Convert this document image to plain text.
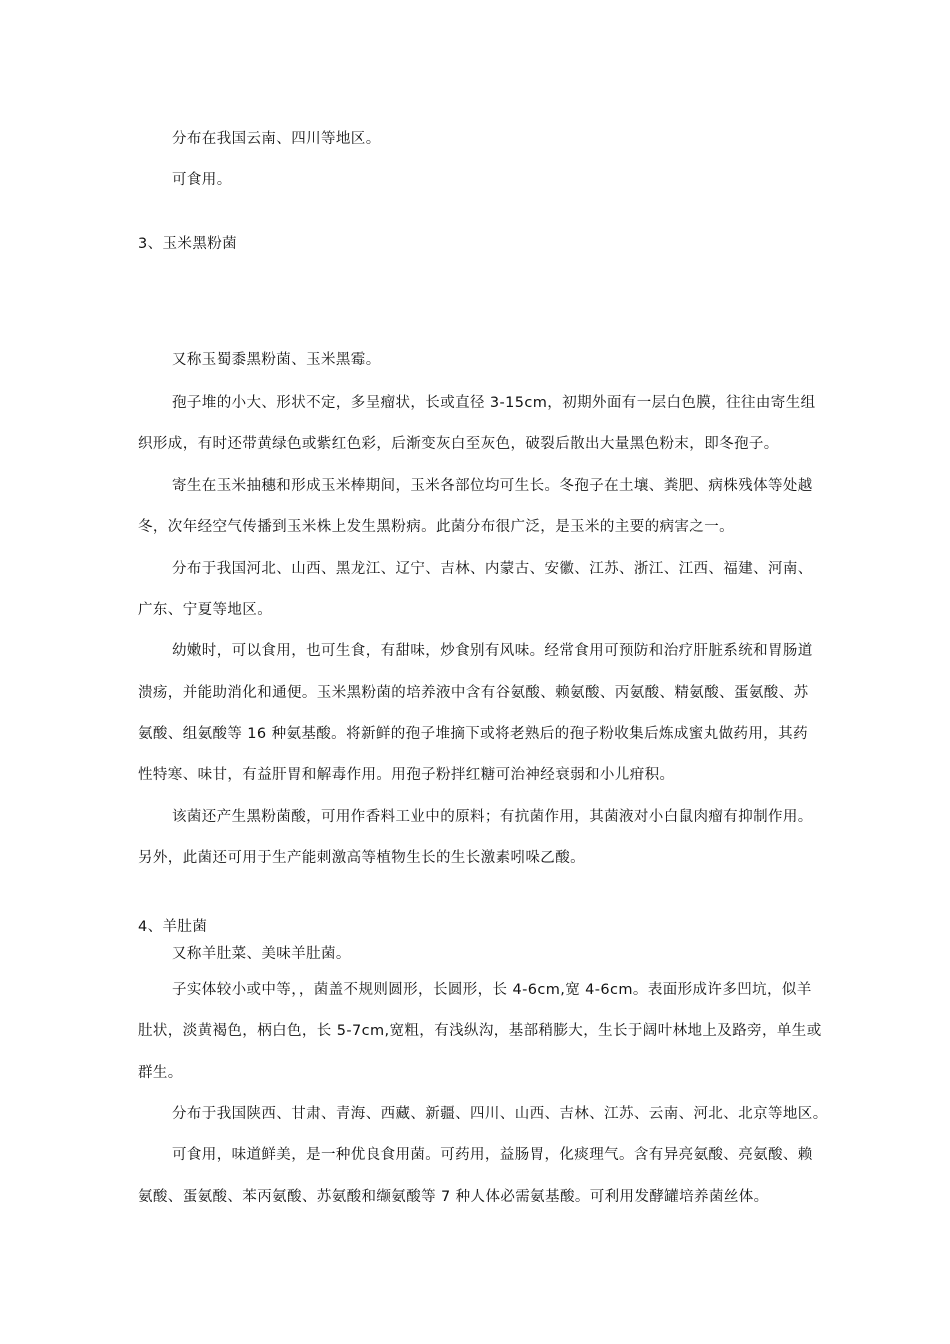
分布在我国云南、四川等地区。
可食用。
3、玉米黑粉菌
又称玉蜀黍黑粉菌、玉米黑霉。
孢子堆的小大、形状不定，多呈瘤状，长或直径 3-15cm，初期外面有一层白色膜，往往由寄生组
织形成，有时还带黄绿色或紫红色彩，后渐变灰白至灰色，破裂后散出大量黑色粉末，即冬孢子。
寄生在玉米抽穗和形成玉米棒期间，玉米各部位均可生长。冬孢子在土壤、粪肥、病株残体等处越
冬，次年经空气传播到玉米株上发生黑粉病。此菌分布很广泛，是玉米的主要的病害之一。
分布于我国河北、山西、黑龙江、辽宁、吉林、内蒙古、安徽、江苏、浙江、江西、福建、河南、
广东、宁夏等地区。
幼嫩时，可以食用，也可生食，有甜味，炒食别有风味。经常食用可预防和治疗肝脏系统和胃肠道
溃疡，并能助消化和通便。玉米黑粉菌的培养液中含有谷氨酸、赖氨酸、丙氨酸、精氨酸、蛋氨酸、苏
氨酸、组氨酸等 16 种氨基酸。将新鲜的孢子堆摘下或将老熟后的孢子粉收集后炼成蜜丸做药用，其药
性特寒、味甘，有益肝胃和解毒作用。用孢子粉拌红糖可治神经衰弱和小儿疳积。
该菌还产生黑粉菌酸，可用作香料工业中的原料；有抗菌作用，其菌液对小白鼠肉瘤有抑制作用。
另外，此菌还可用于生产能刺激高等植物生长的生长激素吲哚乙酸。
4、羊肚菌
又称羊肚菜、美味羊肚菌。
子实体较小或中等，，菌盖不规则圆形，长圆形，长 4-6cm,宽 4-6cm。表面形成许多凹坑，似羊
肚状，淡黄褐色，柄白色，长 5-7cm,宽粗，有浅纵沟，基部稍膨大，生长于阔叶林地上及路旁，单生或
群生。
分布于我国陕西、甘肃、青海、西藏、新疆、四川、山西、吉林、江苏、云南、河北、北京等地区。
可食用，味道鲜美，是一种优良食用菌。可药用，益肠胃，化痰理气。含有异亮氨酸、亮氨酸、赖
氨酸、蛋氨酸、苯丙氨酸、苏氨酸和缬氨酸等 7 种人体必需氨基酸。可利用发酵罐培养菌丝体。
